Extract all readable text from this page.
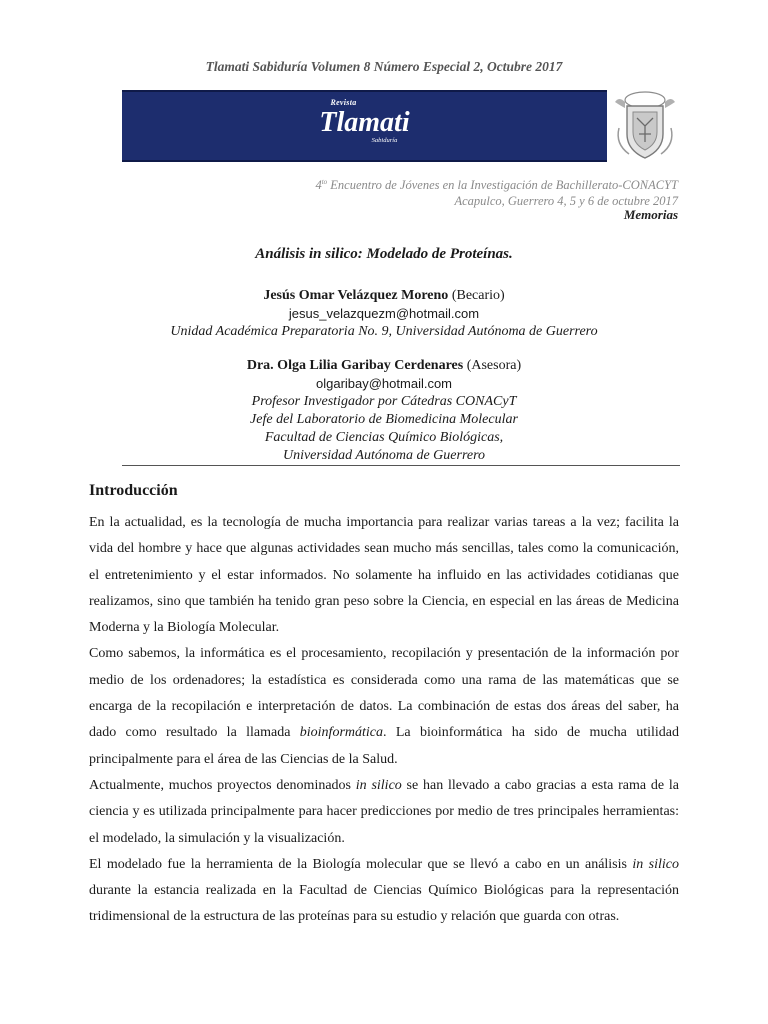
Tlamati Sabiduría Volumen 8 Número Especial 2, Octubre 2017
Revista
Tlamati
Sabiduría
$4^{to}$ Encuentro de Jóvenes en la Investigación de Bachillerato-CONACYT
Acapulco, Guerrero 4, 5 y 6 de octubre 2017
Memorias
Análisis in silico: Modelado de Proteínas.
Jesús Omar Velázquez Moreno (Becario)
jesus_velazquezm@hotmail.com
Unidad Académica Preparatoria No. 9, Universidad Autónoma de Guerrero
Dra. Olga Lilia Garibay Cerdenares (Asesora)
olgaribay@hotmail.com
Profesor Investigador por Cátedras CONACyT
Jefe del Laboratorio de Biomedicina Molecular
Facultad de Ciencias Químico Biológicas,
Universidad Autónoma de Guerrero
Introducción

En la actualidad, es la tecnología de mucha importancia para realizar varias tareas a la vez; facilita la vida del hombre y hace que algunas actividades sean mucho más sencillas, tales como la comunicación, el entretenimiento y el estar informados. No solamente ha influido en las actividades cotidianas que realizamos, sino que también ha tenido gran peso sobre la Ciencia, en especial en las áreas de Medicina Moderna y la Biología Molecular.

Como sabemos, la informática es el procesamiento, recopilación y presentación de la información por medio de los ordenadores; la estadística es considerada como una rama de las matemáticas que se encarga de la recopilación e interpretación de datos. La combinación de estas dos áreas del saber, ha dado como resultado la llamada bioinformática. La bioinformática ha sido de mucha utilidad principalmente para el área de las Ciencias de la Salud.

Actualmente, muchos proyectos denominados in silico se han llevado a cabo gracias a esta rama de la ciencia y es utilizada principalmente para hacer predicciones por medio de tres principales herramientas: el modelado, la simulación y la visualización.

El modelado fue la herramienta de la Biología molecular que se llevó a cabo en un análisis in silico durante la estancia realizada en la Facultad de Ciencias Químico Biológicas para la representación tridimensional de la estructura de las proteínas para su estudio y relación que guarda con otras.
